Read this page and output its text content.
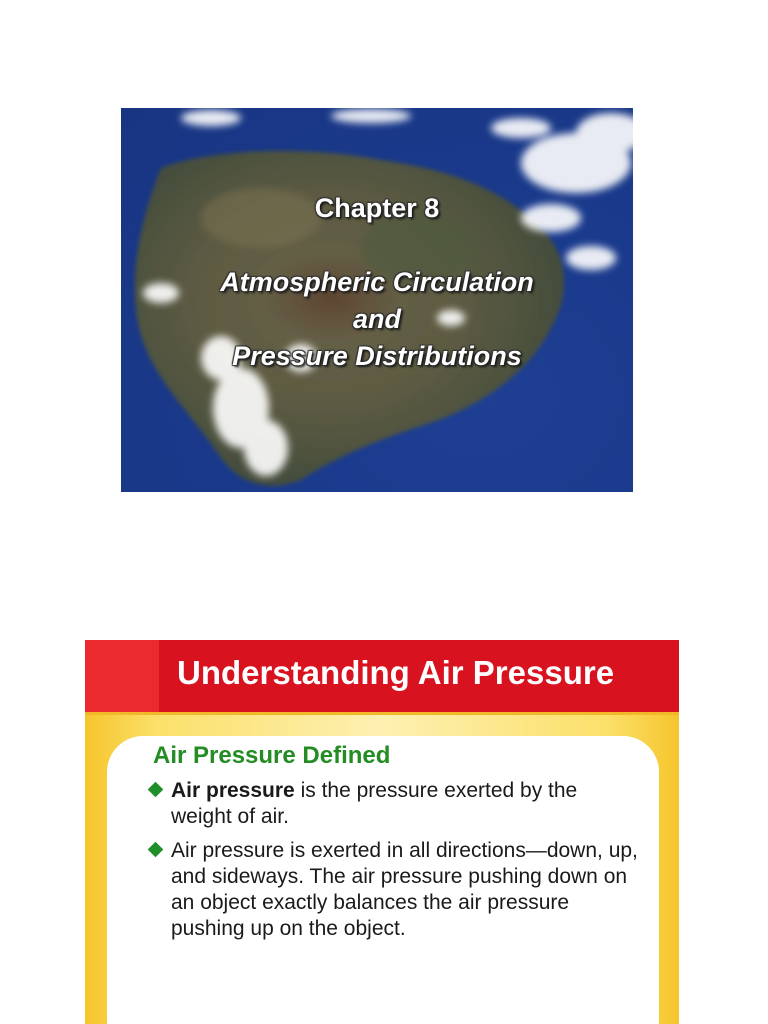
Chapter 8
Atmospheric Circulation
and
Pressure Distributions
Understanding Air Pressure
Air Pressure Defined
Air pressure is the pressure exerted by the weight of air.
Air pressure is exerted in all directions—down, up, and sideways. The air pressure pushing down on an object exactly balances the air pressure pushing up on the object.
